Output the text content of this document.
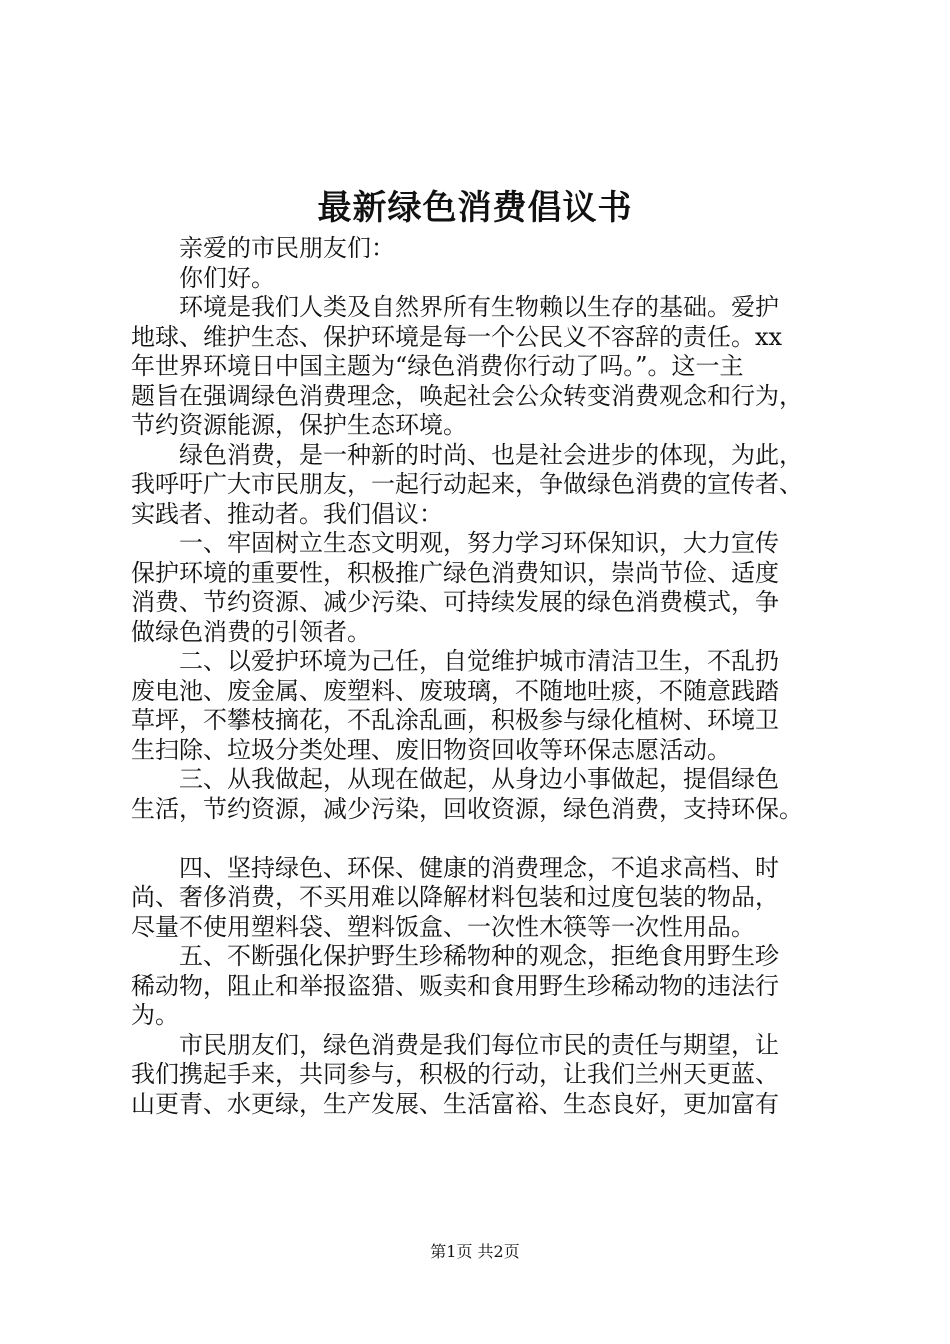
最新绿色消费倡议书
　　亲爱的市民朋友们：
　　你们好。
　　环境是我们人类及自然界所有生物赖以生存的基础。爱护
地球、维护生态、保护环境是每一个公民义不容辞的责任。xx
年世界环境日中国主题为“绿色消费你行动了吗。”。这一主
题旨在强调绿色消费理念，唤起社会公众转变消费观念和行为，
节约资源能源，保护生态环境。
　　绿色消费，是一种新的时尚、也是社会进步的体现，为此，
我呼吁广大市民朋友，一起行动起来，争做绿色消费的宣传者、
实践者、推动者。我们倡议：
　　一、牢固树立生态文明观，努力学习环保知识，大力宣传
保护环境的重要性，积极推广绿色消费知识，崇尚节俭、适度
消费、节约资源、减少污染、可持续发展的绿色消费模式，争
做绿色消费的引领者。
　　二、以爱护环境为己任，自觉维护城市清洁卫生，不乱扔
废电池、废金属、废塑料、废玻璃，不随地吐痰，不随意践踏
草坪，不攀枝摘花，不乱涂乱画，积极参与绿化植树、环境卫
生扫除、垃圾分类处理、废旧物资回收等环保志愿活动。
　　三、从我做起，从现在做起，从身边小事做起，提倡绿色
生活，节约资源，减少污染，回收资源，绿色消费，支持环保。
　　四、坚持绿色、环保、健康的消费理念，不追求高档、时
尚、奢侈消费，不买用难以降解材料包装和过度包装的物品，
尽量不使用塑料袋、塑料饭盒、一次性木筷等一次性用品。
　　五、不断强化保护野生珍稀物种的观念，拒绝食用野生珍
稀动物，阻止和举报盗猎、贩卖和食用野生珍稀动物的违法行
为。
　　市民朋友们，绿色消费是我们每位市民的责任与期望，让
我们携起手来，共同参与，积极的行动，让我们兰州天更蓝、
山更青、水更绿，生产发展、生活富裕、生态良好，更加富有
第1页 共2页
